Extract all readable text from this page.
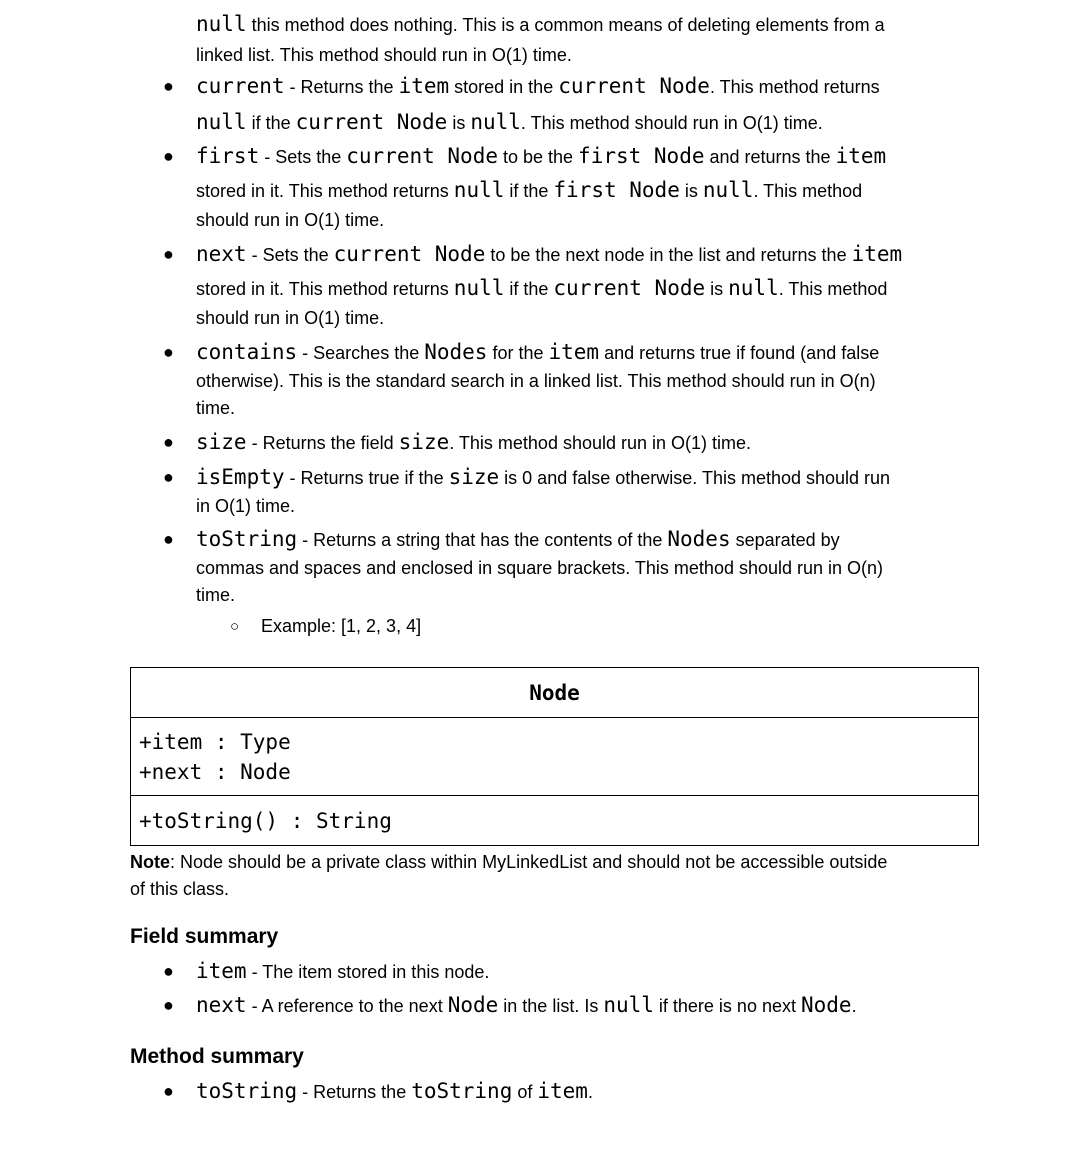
null this method does nothing. This is a common means of deleting elements from a
linked list. This method should run in O(1) time.
● current - Returns the item stored in the current Node. This method returns
null if the current Node is null. This method should run in O(1) time.
● first - Sets the current Node to be the first Node and returns the item
stored in it. This method returns null if the first Node is null. This method
should run in O(1) time.
● next - Sets the current Node to be the next node in the list and returns the item
stored in it. This method returns null if the current Node is null. This method
should run in O(1) time.
● contains - Searches the Nodes for the item and returns true if found (and false
otherwise). This is the standard search in a linked list. This method should run in O(n)
time.
● size - Returns the field size. This method should run in O(1) time.
● isEmpty - Returns true if the size is 0 and false otherwise. This method should run
in O(1) time.
● toString - Returns a string that has the contents of the Nodes separated by
commas and spaces and enclosed in square brackets. This method should run in O(n)
time.
○ Example: [1, 2, 3, 4]
Node

+item : Type
+next : Node

+toString() : String
Note: Node should be a private class within MyLinkedList and should not be accessible outside
of this class.
Field summary
● item - The item stored in this node.
● next - A reference to the next Node in the list. Is null if there is no next Node.
Method summary
● toString - Returns the toString of item.
